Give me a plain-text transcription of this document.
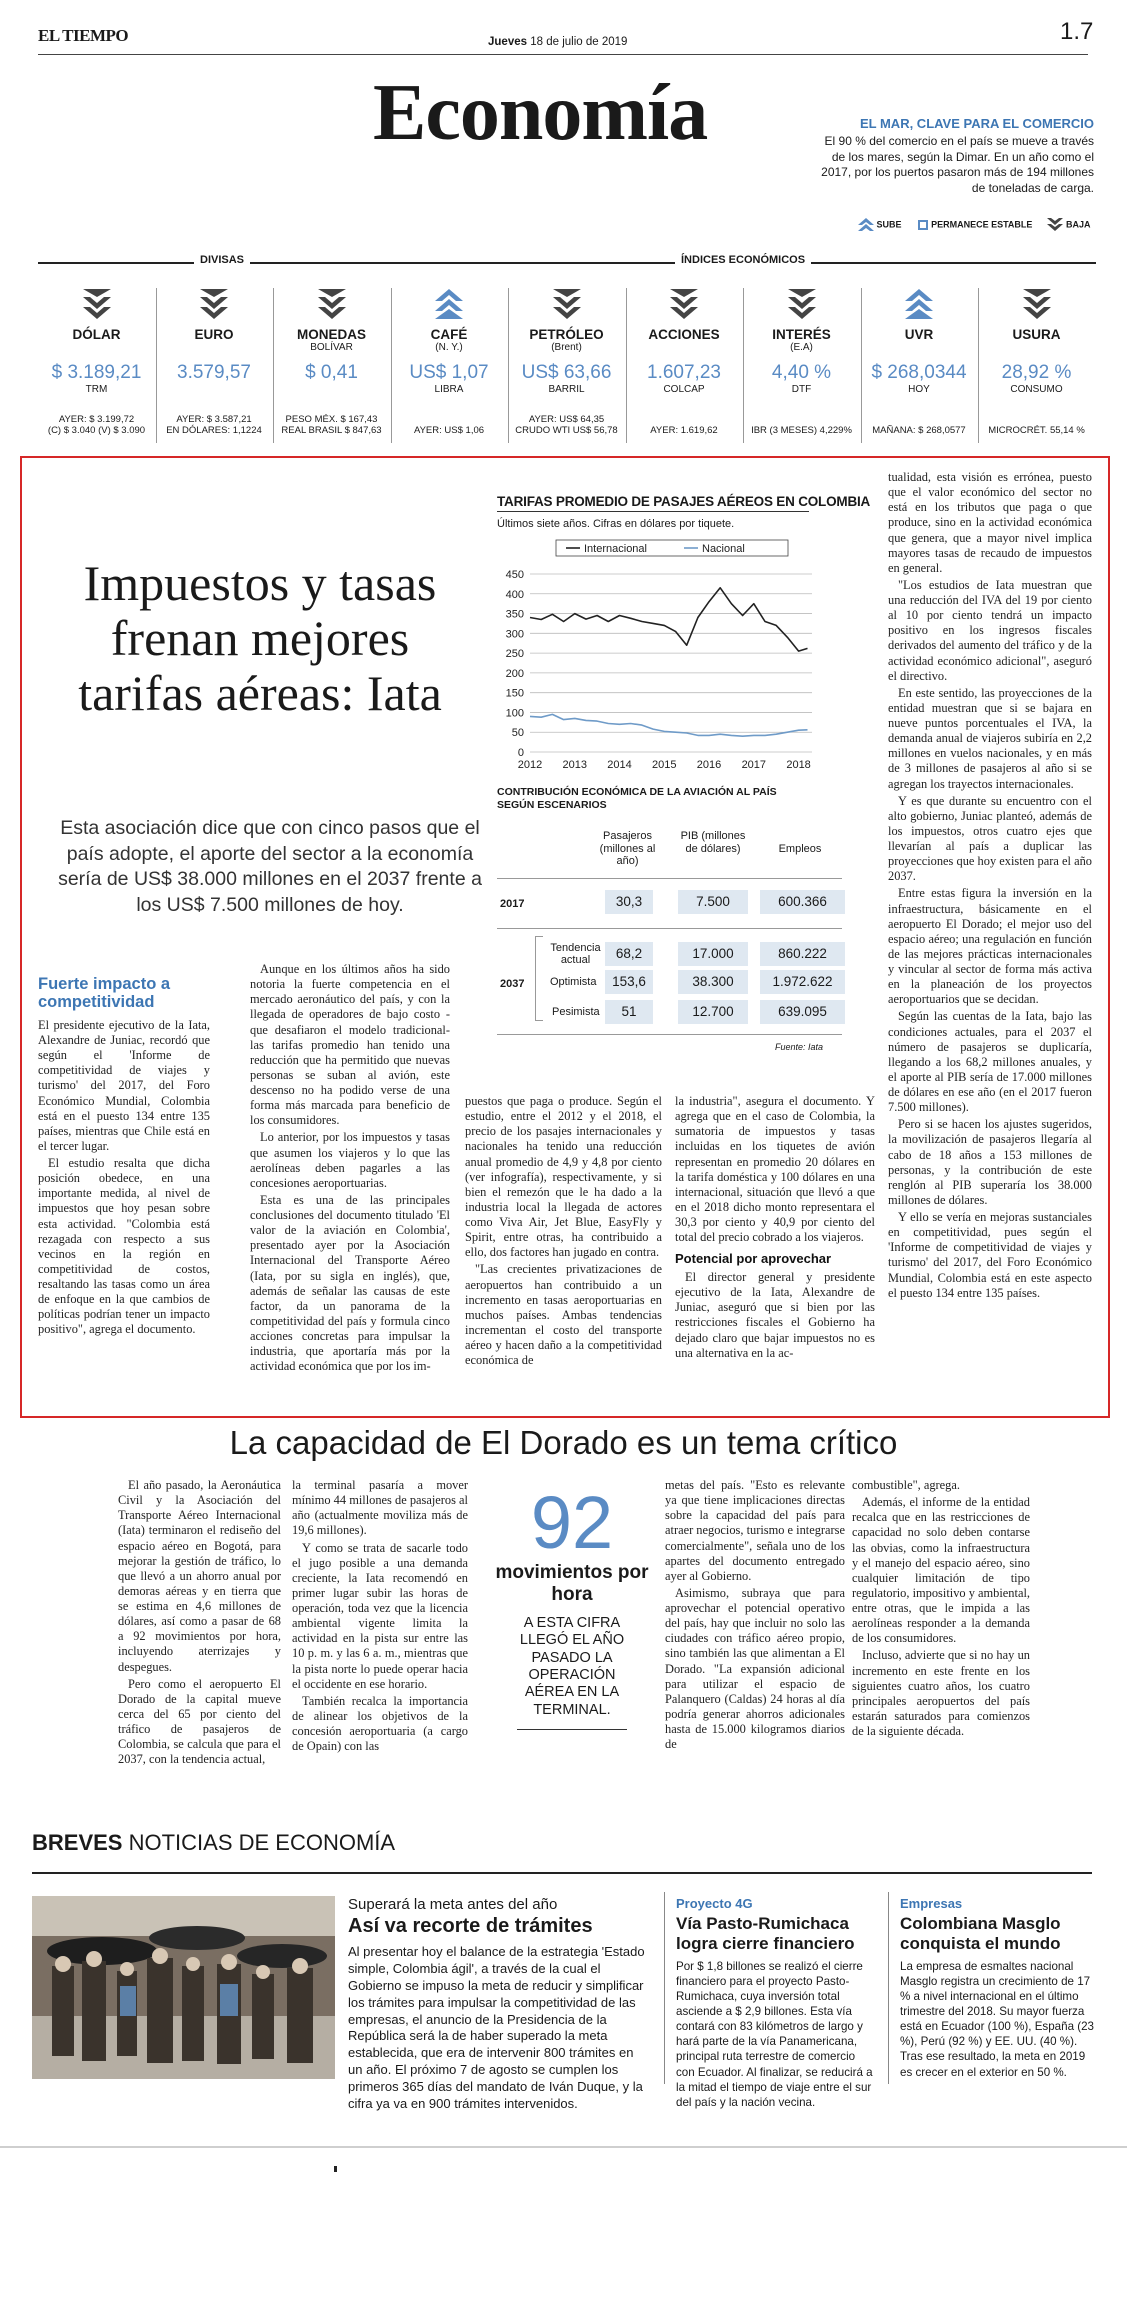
EL TIEMPO	Jueves 18 de julio de 2019	1.7
Economía	EL MAR, CLAVE PARA EL COMERCIO
El 90 % del comercio en el país se mueve a través de los mares, según la Dimar. En un año como el 2017, por los puertos pasaron más de 194 millones de toneladas de carga.
SUBE	PERMANECE ESTABLE	BAJA
DIVISAS	ÍNDICES ECONÓMICOS
DÓLAR
$ 3.189,21
TRM
AYER: $ 3.199,72
(C) $ 3.040 (V) $ 3.090
EURO
3.579,57
AYER: $ 3.587,21
EN DÓLARES: 1,1224
MONEDAS
BOLÍVAR
$ 0,41
PESO MÉX. $ 167,43
REAL BRASIL $ 847,63
CAFÉ
(N. Y.)
US$ 1,07
LIBRA
AYER: US$ 1,06
PETRÓLEO
(Brent)
US$ 63,66
BARRIL
AYER: US$ 64,35
CRUDO WTI US$ 56,78
ACCIONES
1.607,23
COLCAP
AYER: 1.619,62
INTERÉS
(E.A)
4,40 %
DTF
IBR (3 MESES) 4,229%
UVR
$ 268,0344
HOY
MAÑANA: $ 268,0577
USURA
28,92 %
CONSUMO
MICROCRÉT. 55,14 %
Impuestos y tasas frenan mejores tarifas aéreas: Iata
Esta asociación dice que con cinco pasos que el país adopte, el aporte del sector a la economía sería de US$ 38.000 millones en el 2037 frente a los US$ 7.500 millones de hoy.
Fuerte impacto a competitividad

El presidente ejecutivo de la Iata, Alexandre de Juniac, recordó que según el 'Informe de competitividad de viajes y turismo' del 2017, del Foro Económico Mundial, Colombia está en el puesto 134 entre 135 países, mientras que Chile está en el tercer lugar.

El estudio resalta que dicha posición obedece, en una importante medida, al nivel de impuestos que hoy pesan sobre esta actividad. "Colombia está rezagada con respecto a sus vecinos en la región en competitividad de costos, resaltando las tasas como un área de enfoque en la que cambios de políticas podrían tener un impacto positivo", agrega el documento.

Aunque en los últimos años ha sido notoria la fuerte competencia en el mercado aeronáutico del país, y con la llegada de operadores de bajo costo -que desafiaron el modelo tradicional- las tarifas promedio han tenido una reducción que ha permitido que nuevas personas se suban al avión, este descenso no ha podido verse de una forma más marcada para beneficio de los consumidores.

Lo anterior, por los impuestos y tasas que asumen los viajeros y lo que las aerolíneas deben pagarles a las concesiones aeroportuarias.

Esta es una de las principales conclusiones del documento titulado 'El valor de la aviación en Colombia', presentado ayer por la Asociación Internacional del Transporte Aéreo (Iata, por su sigla en inglés), que, además de señalar las causas de este factor, da un panorama de la competitividad del país y formula cinco acciones concretas para impulsar la industria, que aportaría más por la actividad económica que por los im-

puestos que paga o produce. Según el estudio, entre el 2012 y el 2018, el precio de los pasajes internacionales y nacionales ha tenido una reducción anual promedio de 4,9 y 4,8 por ciento (ver infografía), respectivamente, y si bien el remezón que le ha dado a la industria local la llegada de actores como Viva Air, Jet Blue, EasyFly y Spirit, entre otras, ha contribuido a ello, dos factores han jugado en contra.

"Las crecientes privatizaciones de aeropuertos han contribuido a un incremento en tasas aeroportuarias en muchos países. Ambas tendencias incrementan el costo del transporte aéreo y hacen daño a la competitividad económica de

la industria", asegura el documento. Y agrega que en el caso de Colombia, la sumatoria de impuestos y tasas incluidas en los tiquetes de avión representan en promedio 20 dólares en la tarifa doméstica y 100 dólares en una internacional, situación que llevó a que en el 2018 dicho monto representara el 30,3 por ciento y 40,9 por ciento del total del precio cobrado a los viajeros.

Potencial por aprovechar

El director general y presidente ejecutivo de la Iata, Alexandre de Juniac, aseguró que si bien por las restricciones fiscales el Gobierno ha dejado claro que bajar impuestos no es una alternativa en la ac-

tualidad, esta visión es errónea, puesto que el valor económico del sector no está en los tributos que paga o que produce, sino en la actividad económica que genera, que a mayor nivel implica mayores tasas de recaudo de impuestos en general.

"Los estudios de Iata muestran que una reducción del IVA del 19 por ciento al 10 por ciento tendrá un impacto positivo en los ingresos fiscales derivados del aumento del tráfico y de la actividad económico adicional", aseguró el directivo.

En este sentido, las proyecciones de la entidad muestran que si se bajara en nueve puntos porcentuales el IVA, la demanda anual de viajeros subiría en 2,2 millones en vuelos nacionales, y en más de 3 millones de pasajeros al año si se agregan los trayectos internacionales.

Y es que durante su encuentro con el alto gobierno, Juniac planteó, además de los impuestos, otros cuatro ejes que llevarían al país a duplicar las proyecciones que hoy existen para el año 2037.

Entre estas figura la inversión en la infraestructura, básicamente en el aeropuerto El Dorado; el mejor uso del espacio aéreo; una regulación en función de las mejores prácticas internacionales y vincular al sector de forma más activa en la planeación de los proyectos aeroportuarios que se decidan.

Según las cuentas de la Iata, bajo las condiciones actuales, para el 2037 el número de pasajeros se duplicaría, llegando a los 68,2 millones anuales, y el aporte al PIB sería de 17.000 millones de dólares en ese año (en el 2017 fueron 7.500 millones).

Pero si se hacen los ajustes sugeridos, la movilización de pasajeros llegaría al cabo de 18 años a 153 millones de personas, y la contribución de este renglón al PIB superaría los 38.000 millones de dólares.

Y ello se vería en mejoras sustanciales en competitividad, pues según el 'Informe de competitividad de viajes y turismo' del 2017, del Foro Económico Mundial, Colombia está en este aspecto el puesto 134 entre 135 países.

TARIFAS PROMEDIO DE PASAJES AÉREOS EN COLOMBIA
Últimos siete años. Cifras en dólares por tiquete.
0
50
100
150
200
250
300
350
400
450
2012 2013 2014 2015 2016 2017 2018
Internacional	Nacional
CONTRIBUCIÓN ECONÓMICA DE LA AVIACIÓN AL PAÍS SEGÚN ESCENARIOS
Pasajeros (millones al año)
PIB (millones de dólares)	Empleos
2017	30,3	7.500	600.366
2037
Tendencia actual	68,2	17.000	860.222
Optimista	153,6	38.300	1.972.622
Pesimista	51	12.700	639.095
Fuente: Iata
La capacidad de El Dorado es un tema crítico

El año pasado, la Aeronáutica Civil y la Asociación del Transporte Aéreo Internacional (Iata) terminaron el rediseño del espacio aéreo en Bogotá, para mejorar la gestión de tráfico, lo que llevó a un ahorro anual por demoras aéreas y en tierra que se estima en 4,6 millones de dólares, así como a pasar de 68 a 92 movimientos por hora, incluyendo aterrizajes y despegues.

Pero como el aeropuerto El Dorado de la capital mueve cerca del 65 por ciento del tráfico de pasajeros de Colombia, se calcula que para el 2037, con la tendencia actual,

la terminal pasaría a mover mínimo 44 millones de pasajeros al año (actualmente moviliza más de 19,6 millones).

Y como se trata de sacarle todo el jugo posible a una demanda creciente, la Iata recomendó en primer lugar subir las horas de operación, toda vez que la licencia ambiental vigente limita la actividad en la pista sur entre las 10 p. m. y las 6 a. m., mientras que la pista norte lo puede operar hacia el occidente en ese horario.

También recalca la importancia de alinear los objetivos de la concesión aeroportuaria (a cargo de Opain) con las

92
movimientos por hora
A ESTA CIFRA LLEGÓ EL AÑO PASADO LA OPERACIÓN AÉREA EN LA TERMINAL.

metas del país. "Esto es relevante ya que tiene implicaciones directas sobre la capacidad del país para atraer negocios, turismo e integrarse comercialmente", señala uno de los apartes del documento entregado ayer al Gobierno.

Asimismo, subraya que para aprovechar el potencial operativo del país, hay que incluir no solo las ciudades con tráfico aéreo propio, sino también las que alimentan a El Dorado. "La expansión adicional para utilizar el espacio de Palanquero (Caldas) 24 horas al día podría generar ahorros adicionales hasta de 15.000 kilogramos diarios de

combustible", agrega.

Además, el informe de la entidad recalca que en las restricciones de capacidad no solo deben contarse las obvias, como la infraestructura y el manejo del espacio aéreo, sino cualquier limitación de tipo regulatorio, impositivo y ambiental, entre otras, que le impida a las aerolíneas responder a la demanda de los consumidores.

Incluso, advierte que si no hay un incremento en este frente en los siguientes cuatro años, los cuatro principales aeropuertos del país estarán saturados para comienzos de la siguiente década.

BREVES NOTICIAS DE ECONOMÍA
Superará la meta antes del año
Así va recorte de trámites
Al presentar hoy el balance de la estrategia 'Estado simple, Colombia ágil', a través de la cual el Gobierno se impuso la meta de reducir y simplificar los trámites para impulsar la competitividad de las empresas, el anuncio de la Presidencia de la República será la de haber superado la meta establecida, que era de intervenir 800 trámites en un año. El próximo 7 de agosto se cumplen los primeros 365 días del mandato de Iván Duque, y la cifra ya va en 900 trámites intervenidos.
Proyecto 4G
Vía Pasto-Rumichaca logra cierre financiero
Por $ 1,8 billones se realizó el cierre financiero para el proyecto Pasto-Rumichaca, cuya inversión total asciende a $ 2,9 billones. Esta vía contará con 83 kilómetros de largo y hará parte de la vía Panamericana, principal ruta terrestre de comercio con Ecuador. Al finalizar, se reducirá a la mitad el tiempo de viaje entre el sur del país y la nación vecina.
Empresas
Colombiana Masglo conquista el mundo
La empresa de esmaltes nacional Masglo registra un crecimiento de 17 % a nivel internacional en el último trimestre del 2018. Su mayor fuerza está en Ecuador (100 %), España (23 %), Perú (92 %) y EE. UU. (40 %). Tras ese resultado, la meta en 2019 es crecer en el exterior en 50 %.
